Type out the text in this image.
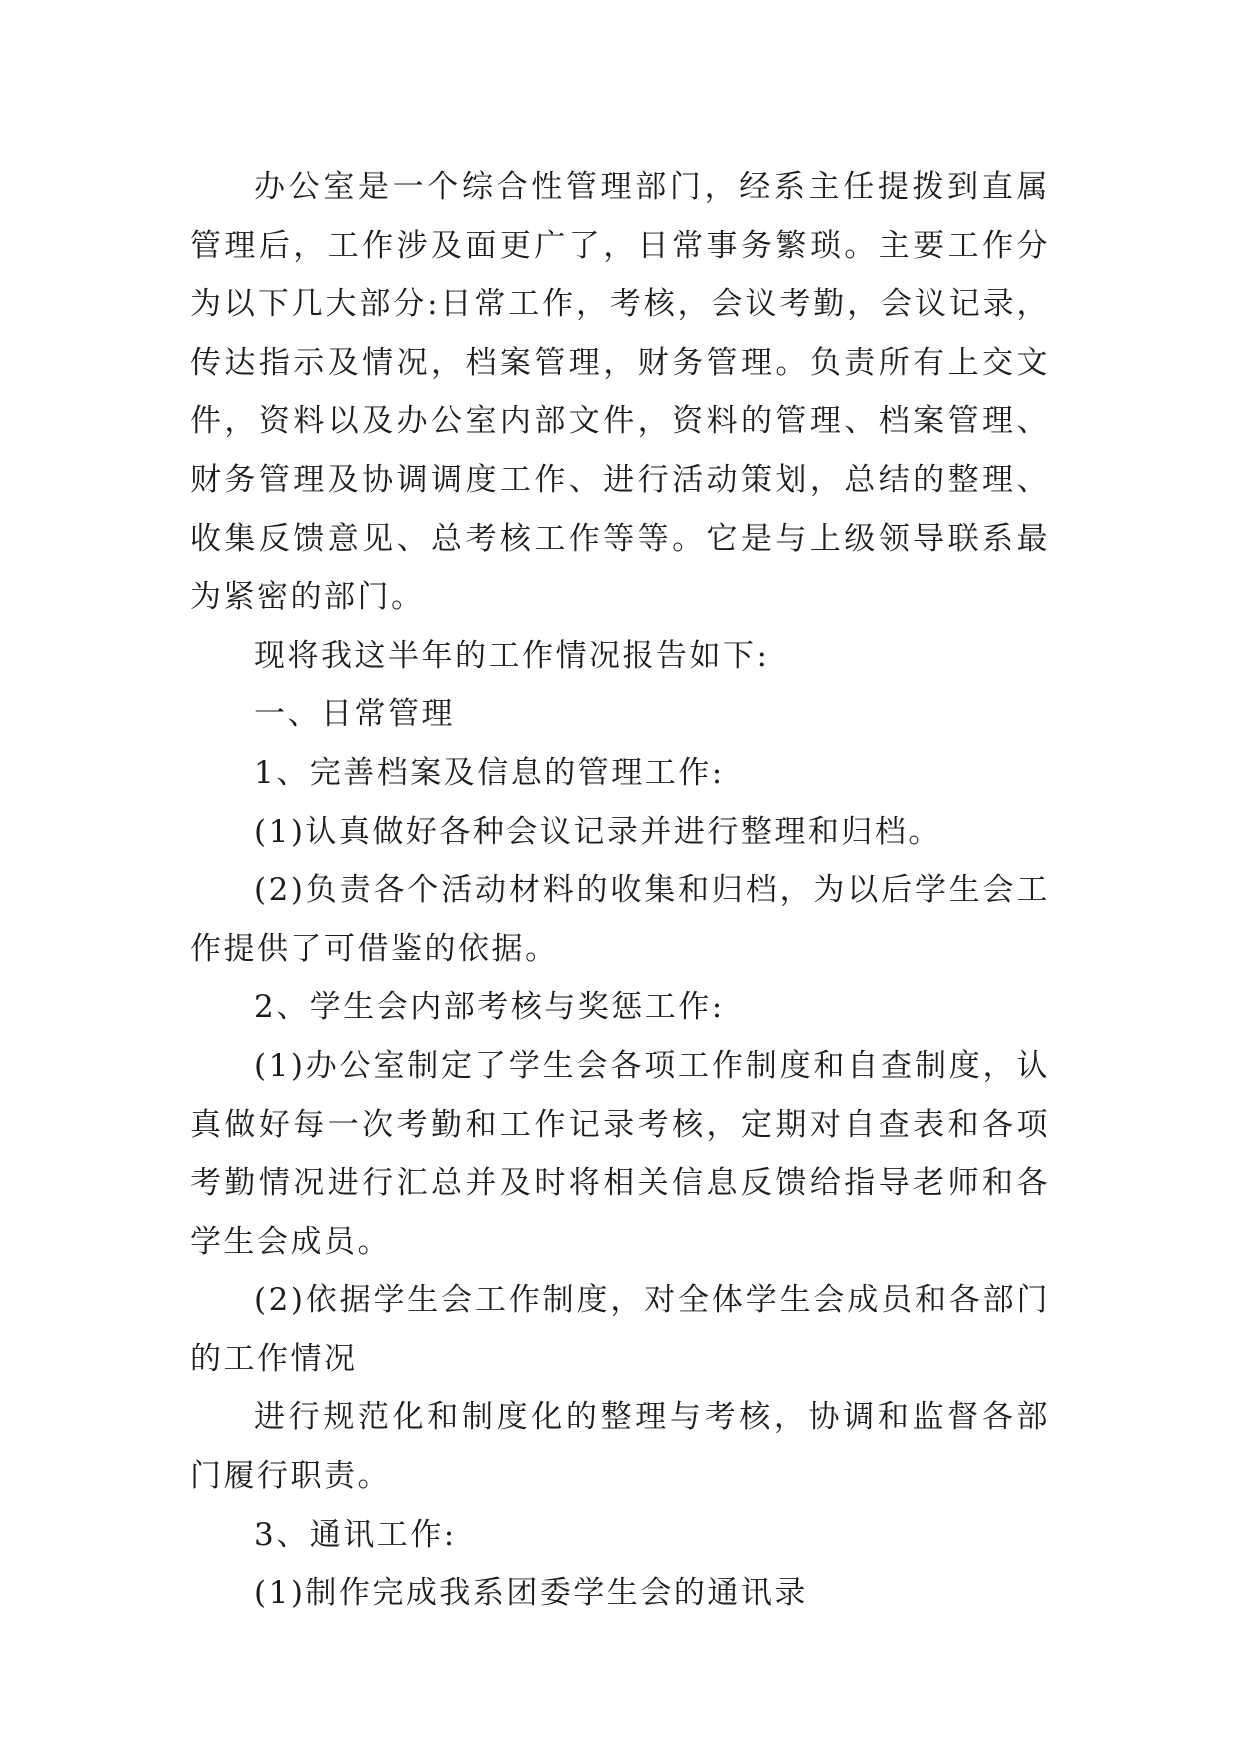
办公室是一个综合性管理部门，经系主任提拨到直属管理后，工作涉及面更广了，日常事务繁琐。主要工作分为以下几大部分:日常工作，考核，会议考勤，会议记录，传达指示及情况，档案管理，财务管理。负责所有上交文件，资料以及办公室内部文件，资料的管理、档案管理、财务管理及协调调度工作、进行活动策划，总结的整理、收集反馈意见、总考核工作等等。它是与上级领导联系最为紧密的部门。

现将我这半年的工作情况报告如下:

一、日常管理

1、完善档案及信息的管理工作:

(1)认真做好各种会议记录并进行整理和归档。

(2)负责各个活动材料的收集和归档，为以后学生会工作提供了可借鉴的依据。

2、学生会内部考核与奖惩工作:

(1)办公室制定了学生会各项工作制度和自查制度，认真做好每一次考勤和工作记录考核，定期对自查表和各项考勤情况进行汇总并及时将相关信息反馈给指导老师和各学生会成员。

(2)依据学生会工作制度，对全体学生会成员和各部门的工作情况

进行规范化和制度化的整理与考核，协调和监督各部门履行职责。

3、通讯工作:

(1)制作完成我系团委学生会的通讯录
